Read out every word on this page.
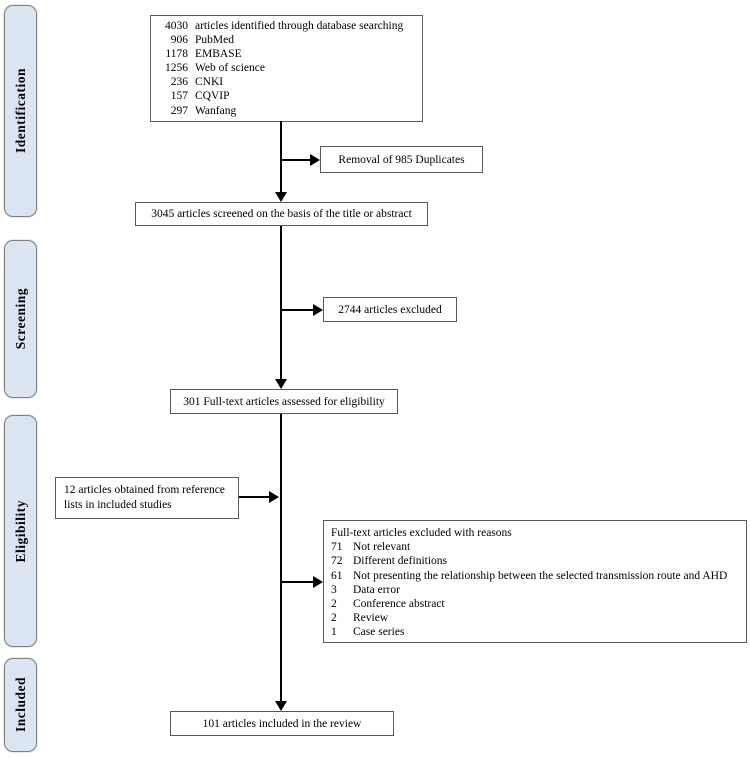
Identification
Screening
Eligibility
Included
4030 articles identified through database searching
906 PubMed
1178 EMBASE
1256 Web of science
236 CNKI
157 CQVIP
297 Wanfang
Removal of 985 Duplicates
3045 articles screened on the basis of the title or abstract
2744 articles excluded
301 Full-text articles assessed for eligibility
12 articles obtained from reference lists in included studies
Full-text articles excluded with reasons
71 Not relevant
72 Different definitions
61 Not presenting the relationship between the selected transmission route and AHD
3	Data error
2	Conference abstract
2	Review
1	Case series
101 articles included in the review
